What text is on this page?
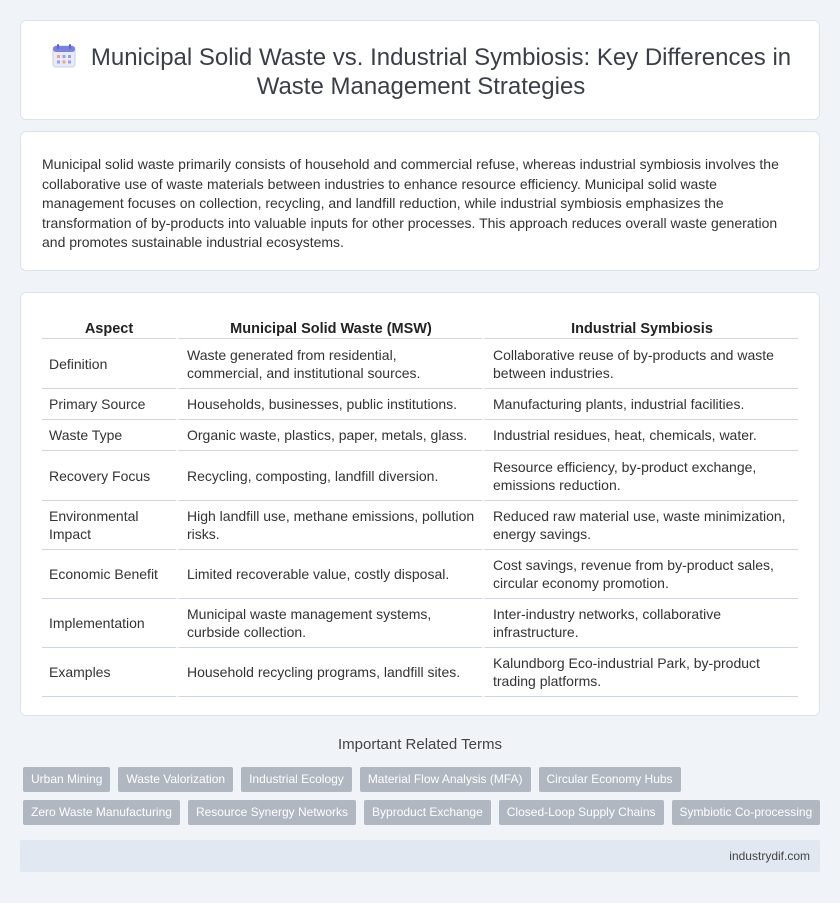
Municipal Solid Waste vs. Industrial Symbiosis: Key Differences in Waste Management Strategies

Municipal solid waste primarily consists of household and commercial refuse, whereas industrial symbiosis involves the collaborative use of waste materials between industries to enhance resource efficiency. Municipal solid waste management focuses on collection, recycling, and landfill reduction, while industrial symbiosis emphasizes the transformation of by-products into valuable inputs for other processes. This approach reduces overall waste generation and promotes sustainable industrial ecosystems.

Aspect	Municipal Solid Waste (MSW)	Industrial Symbiosis
Definition	Waste generated from residential, commercial, and institutional sources.	Collaborative reuse of by-products and waste between industries.
Primary Source	Households, businesses, public institutions.	Manufacturing plants, industrial facilities.
Waste Type	Organic waste, plastics, paper, metals, glass.	Industrial residues, heat, chemicals, water.
Recovery Focus	Recycling, composting, landfill diversion.	Resource efficiency, by-product exchange, emissions reduction.
Environmental Impact	High landfill use, methane emissions, pollution risks.	Reduced raw material use, waste minimization, energy savings.
Economic Benefit	Limited recoverable value, costly disposal.	Cost savings, revenue from by-product sales, circular economy promotion.
Implementation	Municipal waste management systems, curbside collection.	Inter-industry networks, collaborative infrastructure.
Examples	Household recycling programs, landfill sites.	Kalundborg Eco-industrial Park, by-product trading platforms.
Important Related Terms
Urban Mining	Waste Valorization	Industrial Ecology	Material Flow Analysis (MFA)	Circular Economy Hubs
Zero Waste Manufacturing	Resource Synergy Networks	Byproduct Exchange	Closed-Loop Supply Chains	Symbiotic Co-processing
industrydif.com
